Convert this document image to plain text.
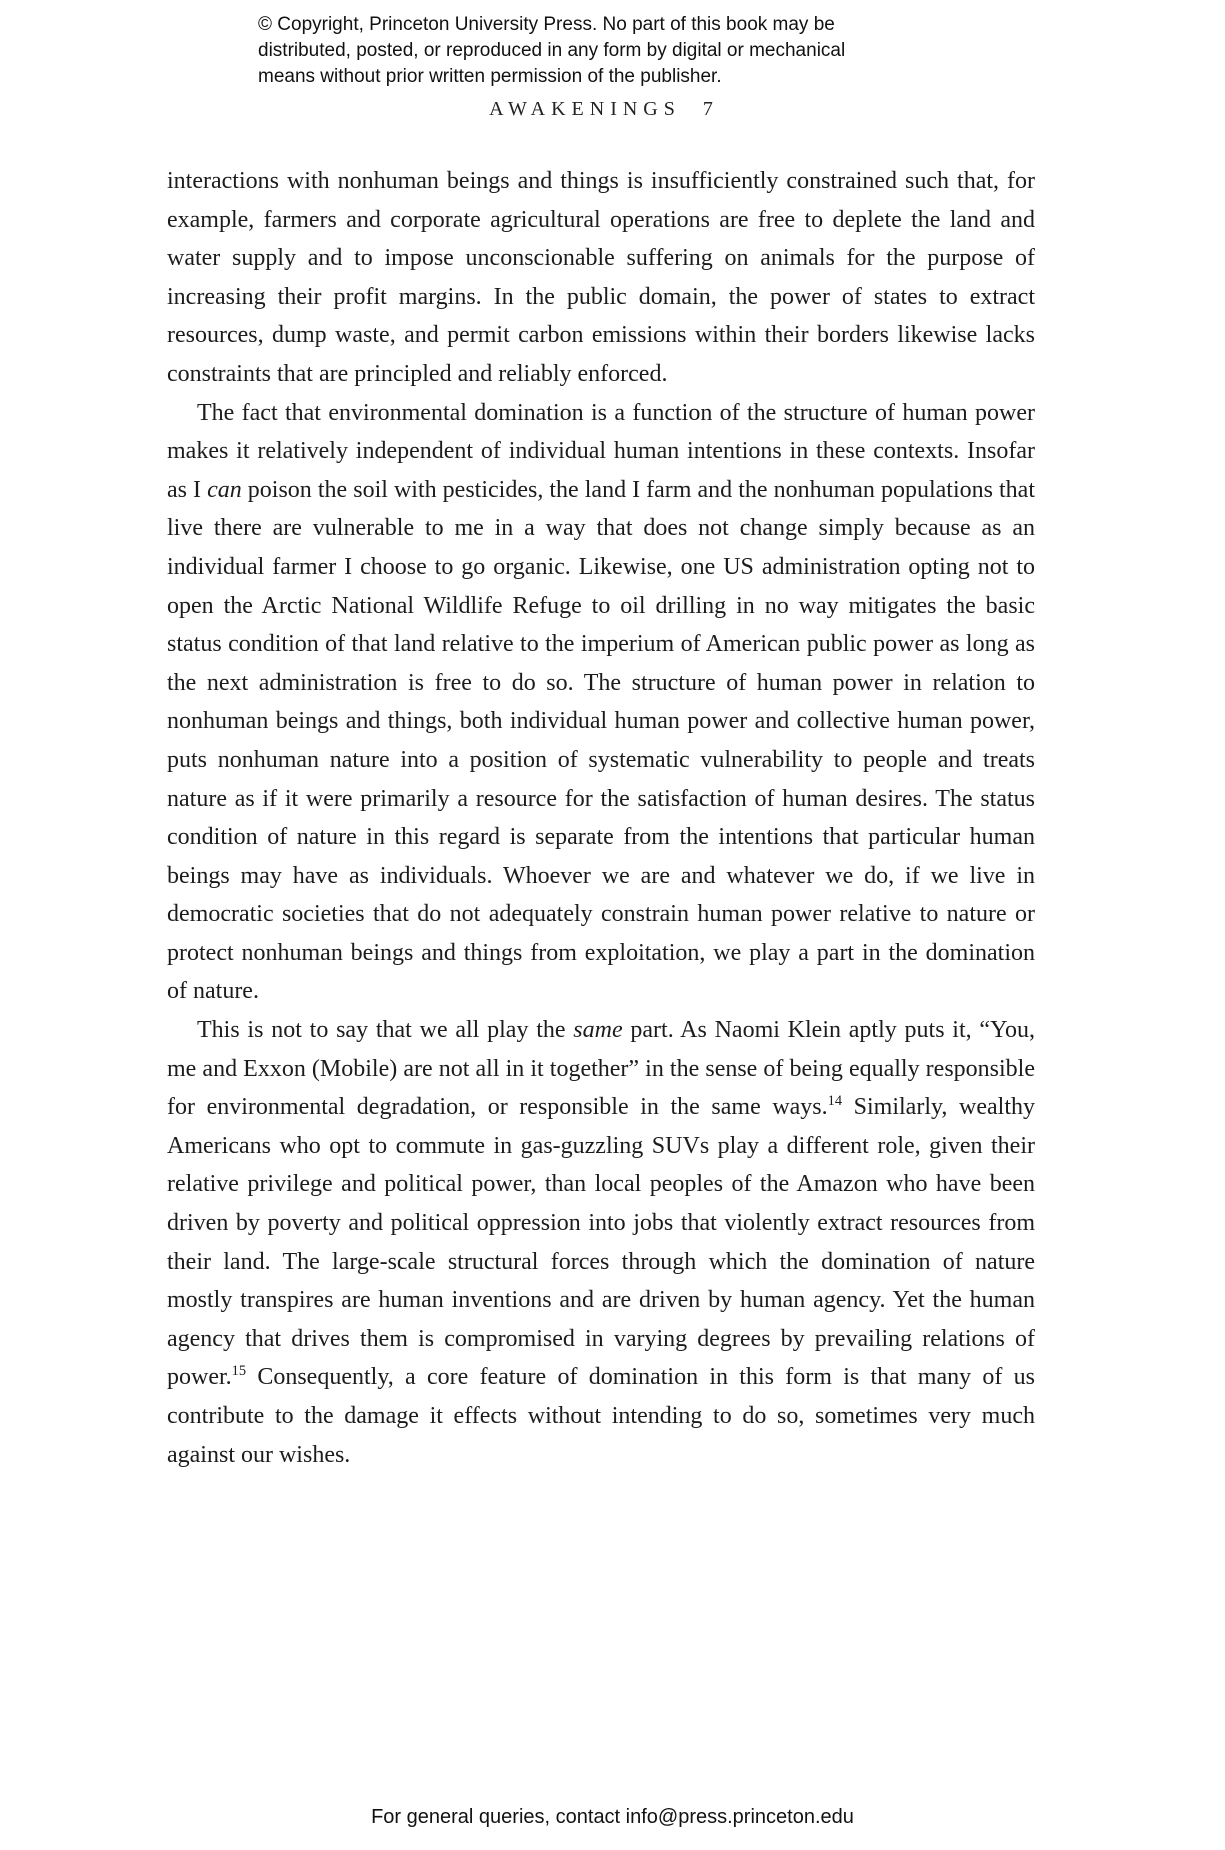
© Copyright, Princeton University Press. No part of this book may be
distributed, posted, or reproduced in any form by digital or mechanical
means without prior written permission of the publisher.
AWAKENINGS 7

interactions with nonhuman beings and things is insufficiently constrained such that, for example, farmers and corporate agricultural operations are free to deplete the land and water supply and to impose unconscionable suffering on animals for the purpose of increasing their profit margins. In the public domain, the power of states to extract resources, dump waste, and permit carbon emissions within their borders likewise lacks constraints that are principled and reliably enforced.

The fact that environmental domination is a function of the structure of human power makes it relatively independent of individual human intentions in these contexts. Insofar as I can poison the soil with pesticides, the land I farm and the nonhuman populations that live there are vulnerable to me in a way that does not change simply because as an individual farmer I choose to go organic. Likewise, one US administration opting not to open the Arctic National Wildlife Refuge to oil drilling in no way mitigates the basic status condition of that land relative to the imperium of American public power as long as the next administration is free to do so. The structure of human power in relation to nonhuman beings and things, both individual human power and collective human power, puts nonhuman nature into a position of systematic vulnerability to people and treats nature as if it were primarily a resource for the satisfaction of human desires. The status condition of nature in this regard is separate from the intentions that particular human beings may have as individuals. Whoever we are and whatever we do, if we live in democratic societies that do not adequately constrain human power relative to nature or protect nonhuman beings and things from exploitation, we play a part in the domination of nature.

This is not to say that we all play the same part. As Naomi Klein aptly puts it, “You, me and Exxon (Mobile) are not all in it together” in the sense of being equally responsible for environmental degradation, or responsible in the same ways.$^{14}$ Similarly, wealthy Americans who opt to commute in gas-guzzling SUVs play a different role, given their relative privilege and political power, than local peoples of the Amazon who have been driven by poverty and political oppression into jobs that violently extract resources from their land. The large-scale structural forces through which the domination of nature mostly transpires are human inventions and are driven by human agency. Yet the human agency that drives them is compromised in varying degrees by prevailing relations of power.$^{15}$ Consequently, a core feature of domination in this form is that many of us contribute to the damage it effects without intending to do so, sometimes very much against our wishes.

For general queries, contact info@press.princeton.edu
